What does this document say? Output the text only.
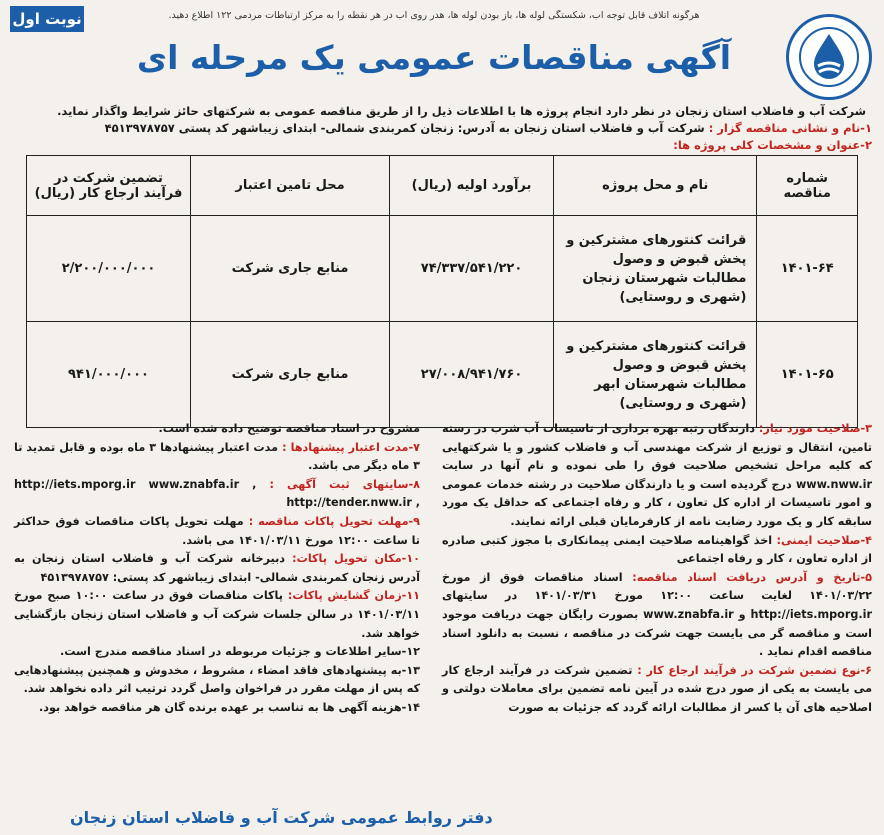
نوبت اول	هرگونه اتلاف قابل توجه آب، شکستگی لوله ها، باز بودن لوله ها، هدر روی آب در هر نقطه را به مرکز ارتباطات مردمی ۱۲۲ اطلاع دهید.
آگهی مناقصات عمومی یک مرحله ای
شرکت آب و فاضلاب استان زنجان در نظر دارد انجام پروژه ها با اطلاعات ذیل را از طریق مناقصه عمومی به شرکتهای حائز شرایط واگذار نماید.
۱-نام و نشانی مناقصه گزار : شرکت آب و فاضلاب استان زنجان به آدرس: زنجان کمربندی شمالی- ابتدای زیباشهر کد پستی ۴۵۱۳۹۷۸۷۵۷
۲-عنوان و مشخصات کلی پروژه ها:
شماره مناقصه	نام و محل پروژه	برآورد اولیه (ریال)	محل تامین اعتبار	تضمین شرکت در فرآیند ارجاع کار (ریال)
۱۴۰۱-۶۴	قرائت کنتورهای مشترکین و پخش قبوض و وصول مطالبات شهرستان زنجان (شهری و روستایی)	۷۴/۳۳۷/۵۴۱/۲۲۰	منابع جاری شرکت	۲/۲۰۰/۰۰۰/۰۰۰
۱۴۰۱-۶۵	قرائت کنتورهای مشترکین و پخش قبوض و وصول مطالبات شهرستان ابهر (شهری و روستایی)	۲۷/۰۰۸/۹۴۱/۷۶۰	منابع جاری شرکت	۹۴۱/۰۰۰/۰۰۰

۳-صلاحیت مورد نیاز: دارندگان رتبه بهره برداری از تاسیسات آب شرب در رسته تامین، انتقال و توزیع از شرکت مهندسی آب و فاضلاب کشور و یا شرکتهایی که کلیه مراحل تشخیص صلاحیت فوق را طی نموده و نام آنها در سایت www.nww.ir درج گردیده است و یا دارندگان صلاحیت در رشته خدمات عمومی و امور تاسیسات از اداره کل تعاون ، کار و رفاه اجتماعی که حداقل یک مورد سابقه کار و یک مورد رضایت نامه از کارفرمایان قبلی ارائه نمایند.

۴-صلاحیت ایمنی: اخذ گواهینامه صلاحیت ایمنی پیمانکاری با مجوز کتبی صادره از اداره تعاون ، کار و رفاه اجتماعی

۵-تاریخ و آدرس دریافت اسناد مناقصه: اسناد مناقصات فوق از مورخ ۱۴۰۱/۰۳/۲۲ لغایت ساعت ۱۲:۰۰ مورخ ۱۴۰۱/۰۳/۳۱ در سایتهای http://iets.mporg.ir و www.znabfa.ir بصورت رایگان جهت دریافت موجود است و مناقصه گر می بایست جهت شرکت در مناقصه ، نسبت به دانلود اسناد مناقصه اقدام نماید .

۶-نوع تضمین شرکت در فرآیند ارجاع کار : تضمین شرکت در فرآیند ارجاع کار می بایست به یکی از صور درج شده در آیین نامه تضمین برای معاملات دولتی و اصلاحیه های آن یا کسر از مطالبات ارائه گردد که جزئیات به صورت

مشروح در اسناد مناقصه توضیح داده شده است.

۷-مدت اعتبار پیشنهادها : مدت اعتبار پیشنهادها ۳ ماه بوده و قابل تمدید تا ۳ ماه دیگر می باشد.

۸-سایتهای ثبت آگهی : http://iets.mporg.ir www.znabfa.ir , http://tender.nww.ir ,

۹-مهلت تحویل پاکات مناقصه : مهلت تحویل پاکات مناقصات فوق حداکثر تا ساعت ۱۲:۰۰ مورخ ۱۴۰۱/۰۳/۱۱ می باشد.

۱۰-مکان تحویل پاکات: دبیرخانه شرکت آب و فاضلاب استان زنجان به آدرس زنجان کمربندی شمالی- ابتدای زیباشهر کد پستی: ۴۵۱۳۹۷۸۷۵۷

۱۱-زمان گشایش پاکات: پاکات مناقصات فوق در ساعت ۱۰:۰۰ صبح مورخ ۱۴۰۱/۰۳/۱۱ در سالن جلسات شرکت آب و فاضلاب استان زنجان بازگشایی خواهد شد.

۱۲-سایر اطلاعات و جزئیات مربوطه در اسناد مناقصه مندرج است.

۱۳-به پیشنهادهای فاقد امضاء ، مشروط ، مخدوش و همچنین پیشنهادهایی که پس از مهلت مقرر در فراخوان واصل گردد ترتیب اثر داده نخواهد شد.

۱۴-هزینه آگهی ها به تناسب بر عهده برنده گان هر مناقصه خواهد بود.

دفتر روابط عمومی شرکت آب و فاضلاب استان زنجان
